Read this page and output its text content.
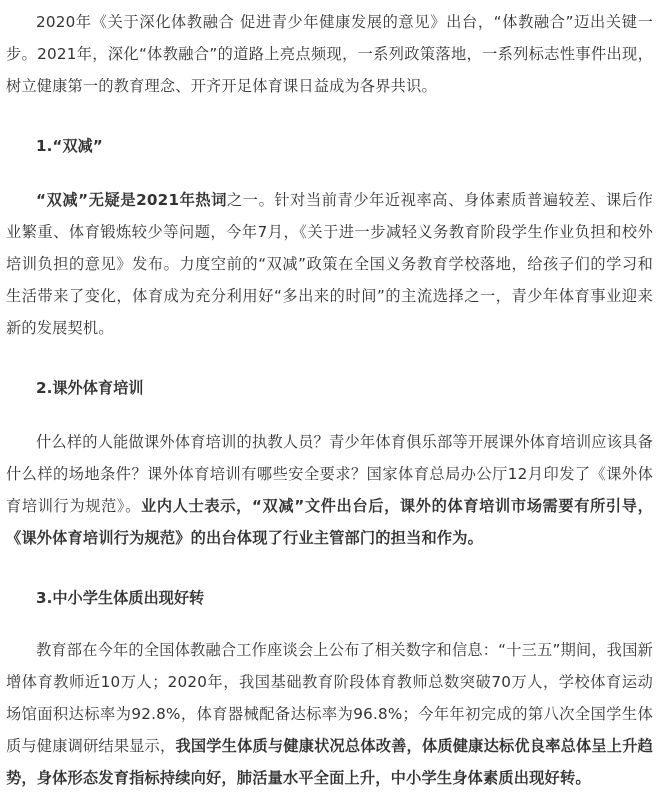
2020年《关于深化体教融合 促进青少年健康发展的意见》出台，“体教融合”迈出关键一步。2021年，深化“体教融合”的道路上亮点频现，一系列政策落地，一系列标志性事件出现，树立健康第一的教育理念、开齐开足体育课日益成为各界共识。

1.“双减”

“双减”无疑是2021年热词之一。针对当前青少年近视率高、身体素质普遍较差、课后作业繁重、体育锻炼较少等问题，今年7月，《关于进一步减轻义务教育阶段学生作业负担和校外培训负担的意见》发布。力度空前的“双减”政策在全国义务教育学校落地，给孩子们的学习和生活带来了变化，体育成为充分利用好“多出来的时间”的主流选择之一，青少年体育事业迎来新的发展契机。

2.课外体育培训

什么样的人能做课外体育培训的执教人员？青少年体育俱乐部等开展课外体育培训应该具备什么样的场地条件？课外体育培训有哪些安全要求？国家体育总局办公厅12月印发了《课外体育培训行为规范》。业内人士表示，“双减”文件出台后，课外的体育培训市场需要有所引导，《课外体育培训行为规范》的出台体现了行业主管部门的担当和作为。

3.中小学生体质出现好转

教育部在今年的全国体教融合工作座谈会上公布了相关数字和信息：“十三五”期间，我国新增体育教师近10万人；2020年，我国基础教育阶段体育教师总数突破70万人，学校体育运动场馆面积达标率为92.8%，体育器械配备达标率为96.8%；今年年初完成的第八次全国学生体质与健康调研结果显示，我国学生体质与健康状况总体改善，体质健康达标优良率总体呈上升趋势，身体形态发育指标持续向好，肺活量水平全面上升，中小学生身体素质出现好转。
